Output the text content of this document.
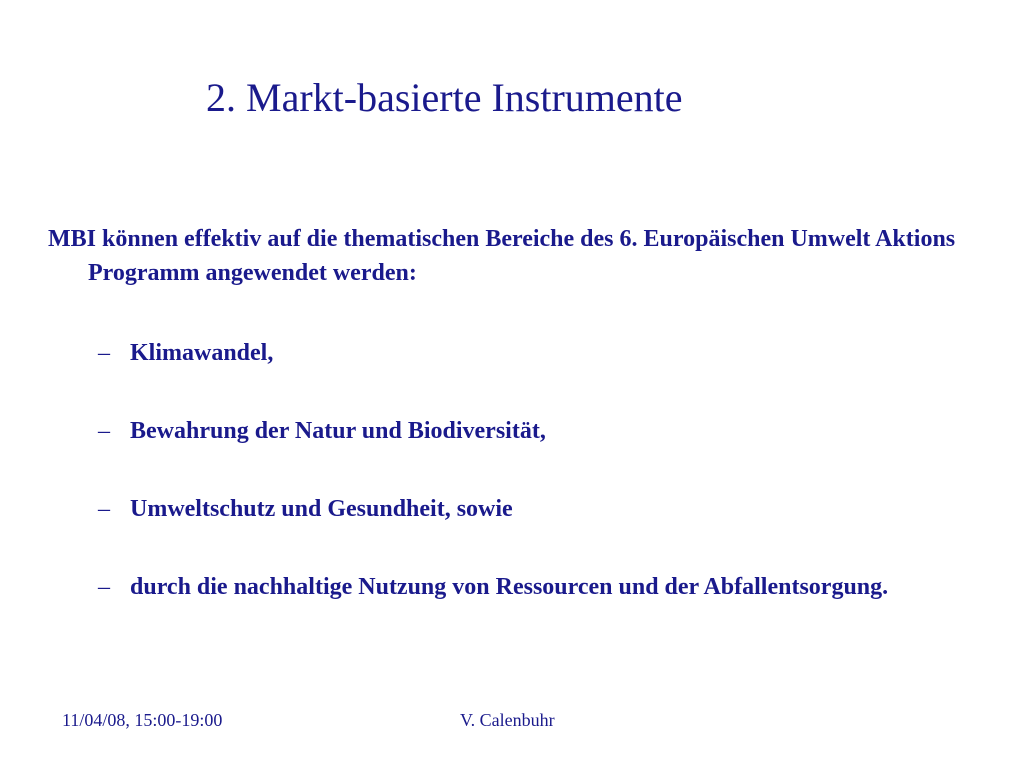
2. Markt-basierte Instrumente

MBI können effektiv auf die thematischen Bereiche des 6. Europäischen Umwelt Aktions Programm angewendet werden:

– Klimawandel,
– Bewahrung der Natur und Biodiversität,
– Umweltschutz und Gesundheit, sowie
– durch die nachhaltige Nutzung von Ressourcen und der Abfallentsorgung.
11/04/08, 15:00-19:00	V. Calenbuhr
